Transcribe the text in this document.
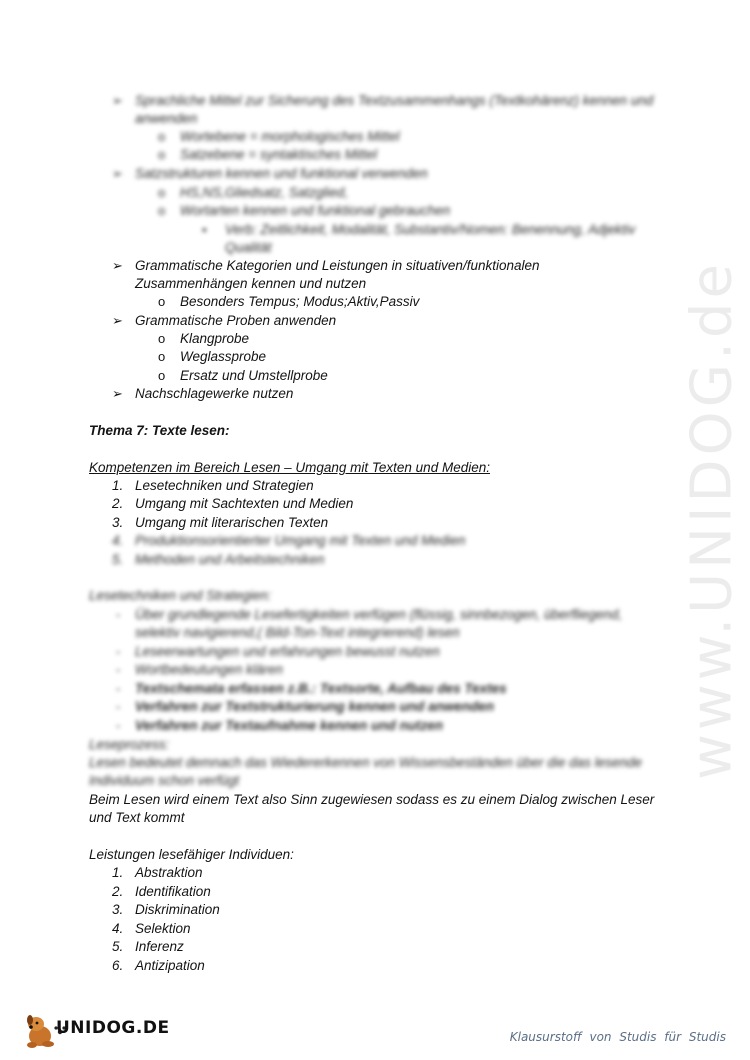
➢ Sprachliche Mittel zur Sicherung des Textzusammenhangs (Textkohärenz) kennen und
anwenden
o Wortebene = morphologisches Mittel
o Satzebene = syntaktisches Mittel
➢ Satzstrukturen kennen und funktional verwenden
o HS,NS,Gliedsatz, Satzglied,
o Wortarten kennen und funktional gebrauchen
▪ Verb: Zeitlichkeit, Modalität, Substantiv/Nomen: Benennung, Adjektiv
Qualität
➢ Grammatische Kategorien und Leistungen in situativen/funktionalen
Zusammenhängen kennen und nutzen
o Besonders Tempus; Modus;Aktiv,Passiv
➢ Grammatische Proben anwenden
o Klangprobe
o Weglassprobe
o Ersatz und Umstellprobe
➢ Nachschlagewerke nutzen
Thema 7: Texte lesen:
Kompetenzen im Bereich Lesen – Umgang mit Texten und Medien:
1. Lesetechniken und Strategien
2. Umgang mit Sachtexten und Medien
3. Umgang mit literarischen Texten
4. Produktionsorientierter Umgang mit Texten und Medien
5. Methoden und Arbeitstechniken
Lesetechniken und Strategien:
- Über grundlegende Lesefertigkeiten verfügen (flüssig, sinnbezogen, überfliegend,
selektiv navigierend,( Bild-Ton-Text integrierend) lesen
- Leseerwartungen und erfahrungen bewusst nutzen
- Wortbedeutungen klären
- Textschemata erfassen z.B.: Textsorte, Aufbau des Textes
- Verfahren zur Textstrukturierung kennen und anwenden
- Verfahren zur Textaufnahme kennen und nutzen
Leseprozess:
Lesen bedeutet demnach das Wiedererkennen von Wissensbeständen über die das lesende
Individuum schon verfügt
Beim Lesen wird einem Text also Sinn zugewiesen sodass es zu einem Dialog zwischen Leser
und Text kommt
Leistungen lesefähiger Individuen:
1. Abstraktion
2. Identifikation
3. Diskrimination
4. Selektion
5. Inferenz
6. Antizipation
www.UNIDOG.de
UNIDOG.DE	Klausurstoff von Studis für Studis
